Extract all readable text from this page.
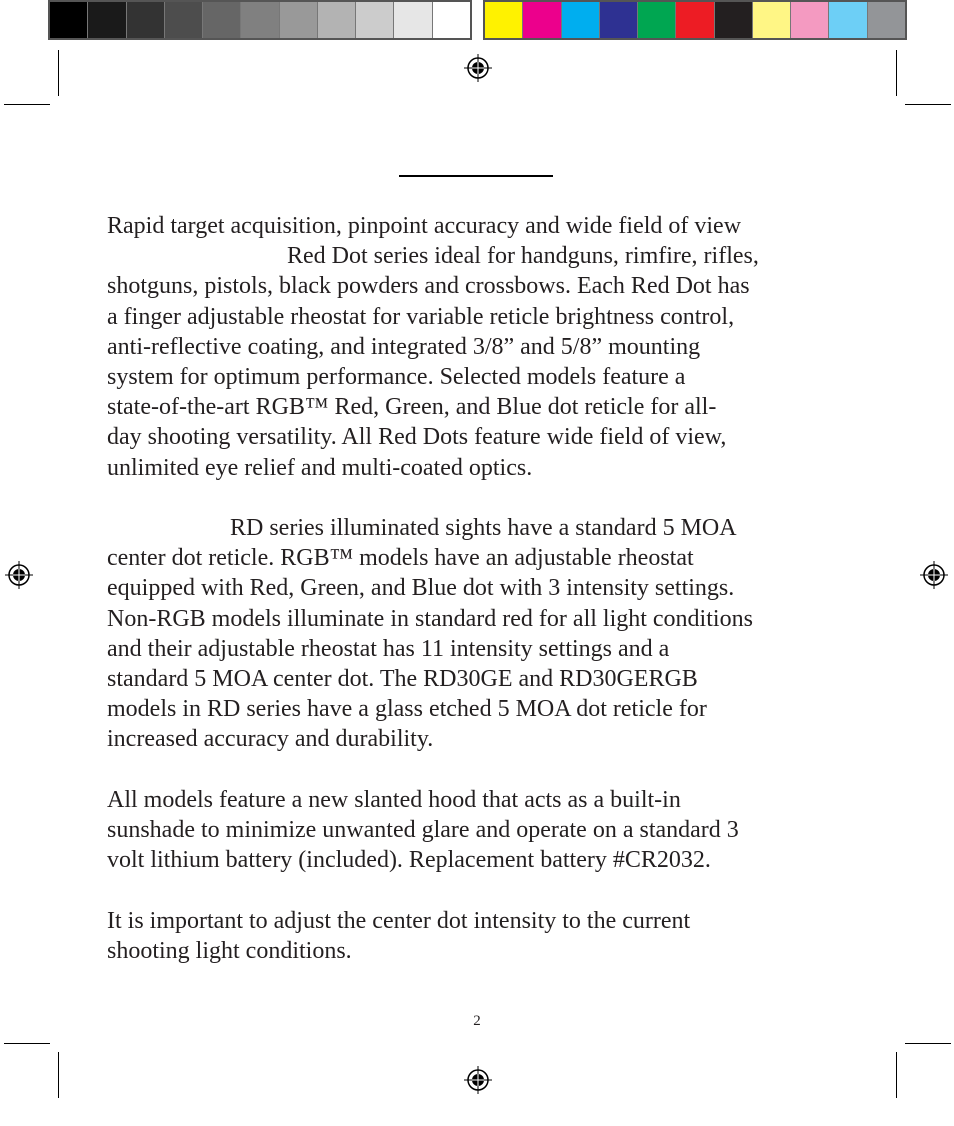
Rapid target acquisition, pinpoint accuracy and wide field of view
Red Dot series ideal for handguns, rimfire, rifles,
shotguns, pistols, black powders and crossbows. Each Red Dot has
a finger adjustable rheostat for variable reticle brightness control,
anti-reflective coating, and integrated 3/8” and 5/8” mounting
system for optimum performance. Selected models feature a
state-of-the-art RGB™ Red, Green, and Blue dot reticle for all-
day shooting versatility. All Red Dots feature wide field of view,
unlimited eye relief and multi-coated optics.

RD series illuminated sights have a standard 5 MOA
center dot reticle. RGB™ models have an adjustable rheostat
equipped with Red, Green, and Blue dot with 3 intensity settings.
Non-RGB models illuminate in standard red for all light conditions
and their adjustable rheostat has 11 intensity settings and a
standard 5 MOA center dot. The RD30GE and RD30GERGB
models in RD series have a glass etched 5 MOA dot reticle for
increased accuracy and durability.

All models feature a new slanted hood that acts as a built-in
sunshade to minimize unwanted glare and operate on a standard 3
volt lithium battery (included). Replacement battery #CR2032.

It is important to adjust the center dot intensity to the current
shooting light conditions.

2
